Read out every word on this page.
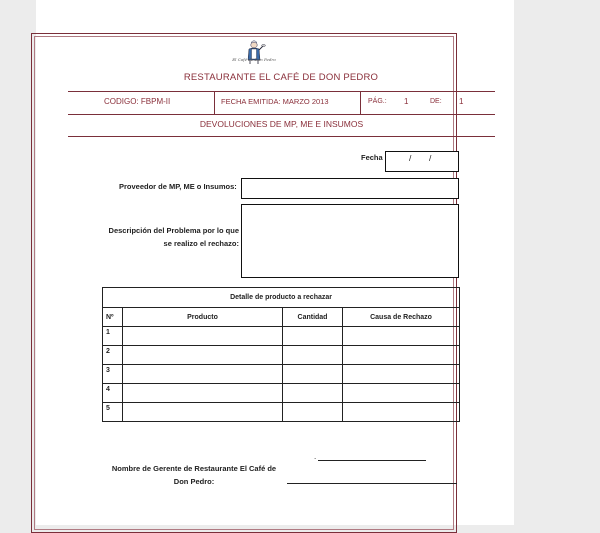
El Café de Don Pedro
RESTAURANTE EL CAFÉ DE DON PEDRO
CODIGO: FBPM-II	FECHA EMITIDA: MARZO 2013	PÁG.: 1	DE: 1
DEVOLUCIONES DE MP, ME E INSUMOS
Fecha	/ /
Proveedor de MP, ME o Insumos:
Descripción del Problema por lo que
se realizo el rechazo:
Detalle de producto a rechazar			
Nº	Producto	Cantidad	Causa de Rechazo
1			
2			
3			
4			
5			
.
Nombre de Gerente de Restaurante El Café de
Don Pedro:
